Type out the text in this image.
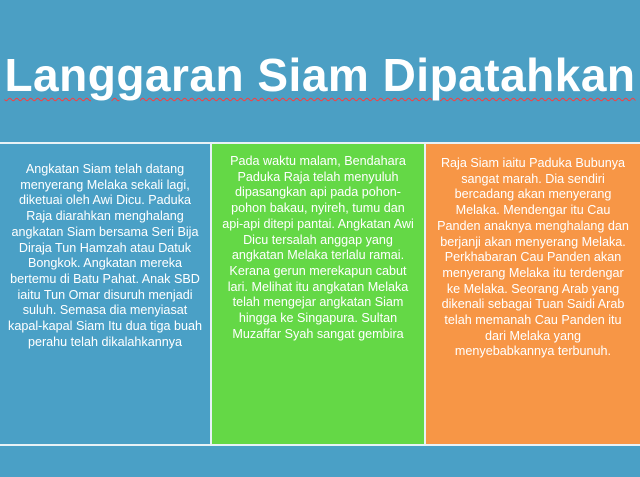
Langgaran Siam Dipatahkan

Angkatan Siam telah datang menyerang Melaka sekali lagi, diketuai oleh Awi Dicu. Paduka Raja diarahkan menghalang angkatan Siam bersama Seri Bija Diraja Tun Hamzah atau Datuk Bongkok. Angkatan mereka bertemu di Batu Pahat. Anak SBD iaitu Tun Omar disuruh menjadi suluh. Semasa dia menyiasat kapal-kapal Siam Itu dua tiga buah perahu telah dikalahkannya

Pada waktu malam, Bendahara Paduka Raja telah menyuluh dipasangkan api pada pohon-pohon bakau, nyireh, tumu dan api-api ditepi pantai. Angkatan Awi Dicu tersalah anggap yang angkatan Melaka terlalu ramai. Kerana gerun merekapun cabut lari. Melihat itu angkatan Melaka telah mengejar angkatan Siam hingga ke Singapura. Sultan Muzaffar Syah sangat gembira

Raja Siam iaitu Paduka Bubunya sangat marah. Dia sendiri bercadang akan menyerang Melaka. Mendengar itu Cau Panden anaknya menghalang dan berjanji akan menyerang Melaka. Perkhabaran Cau Panden akan menyerang Melaka itu terdengar ke Melaka. Seorang Arab yang dikenali sebagai Tuan Saidi Arab telah memanah Cau Panden itu dari Melaka yang menyebabkannya terbunuh.
